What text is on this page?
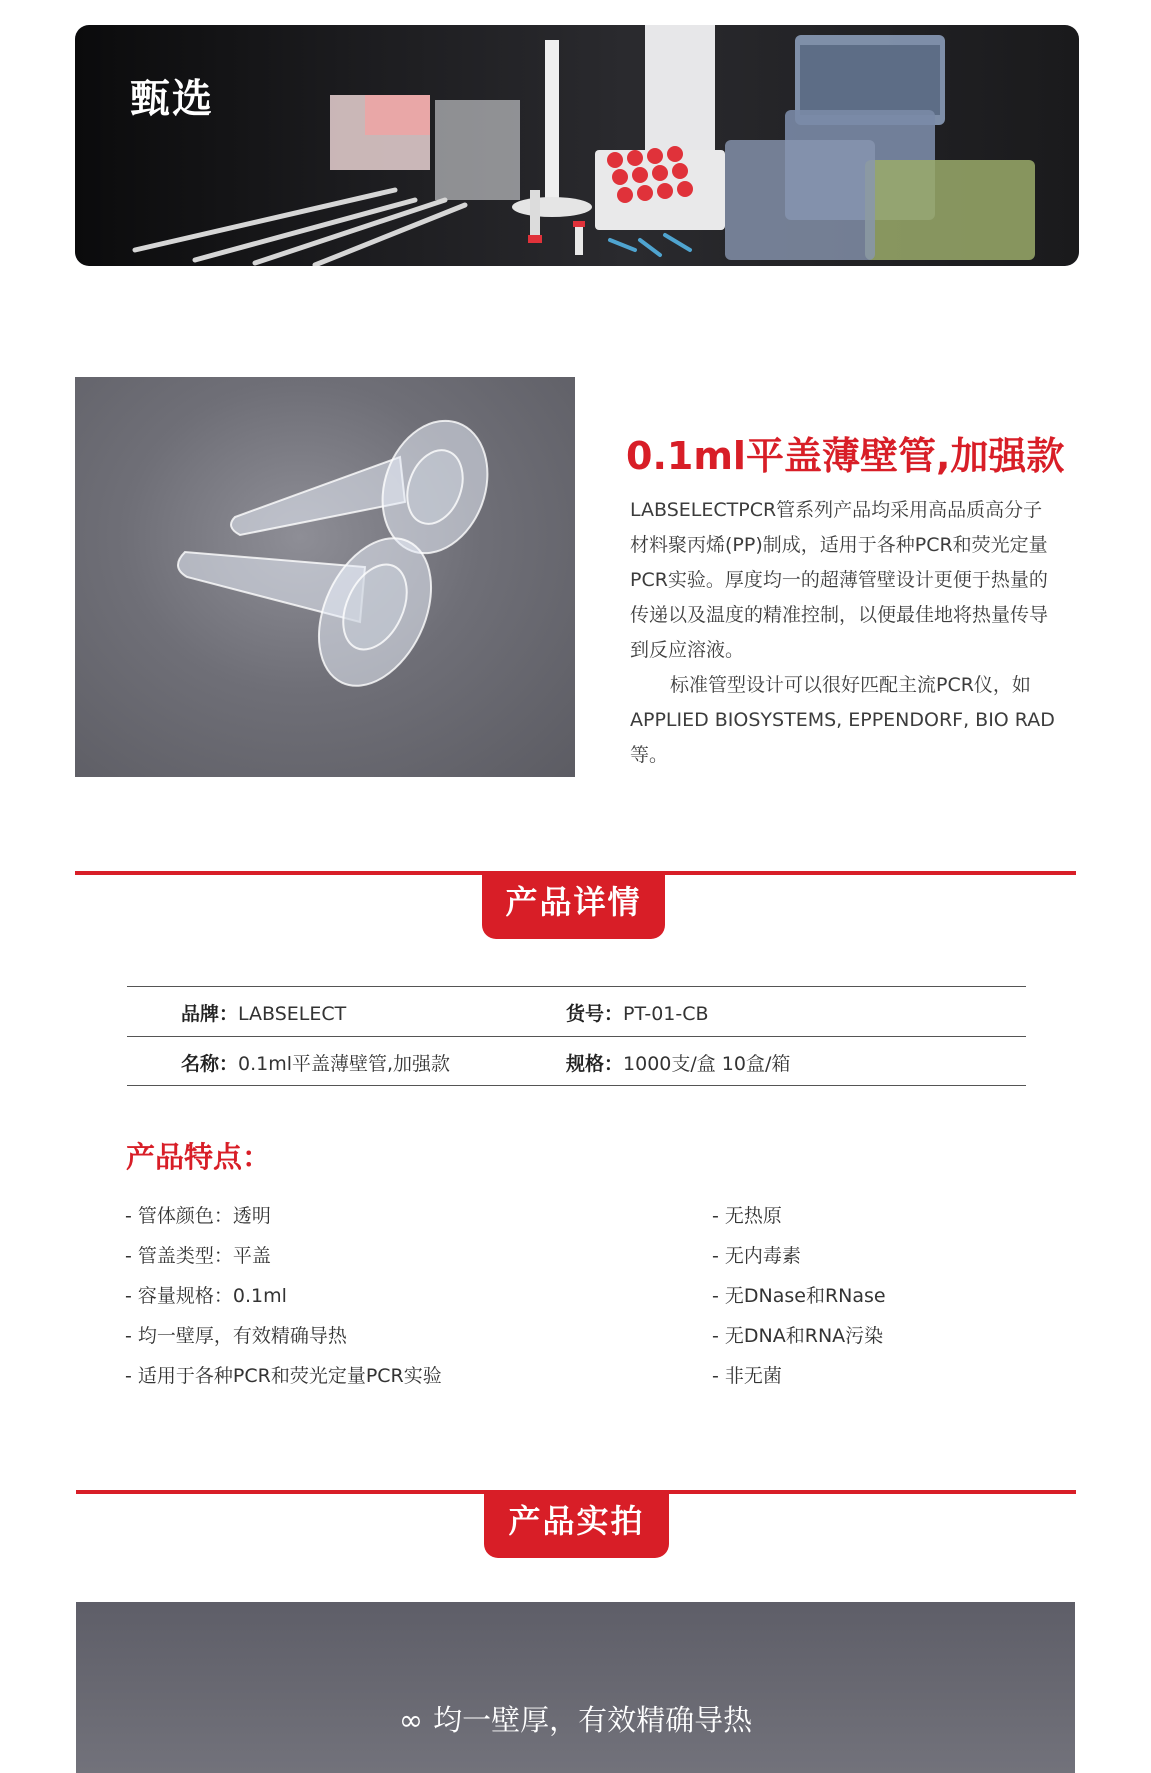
甄选
0.1ml平盖薄壁管,加强款

LABSELECTPCR管系列产品均采用高品质高分子材料聚丙烯(PP)制成，适用于各种PCR和荧光定量PCR实验。厚度均一的超薄管壁设计更便于热量的传递以及温度的精准控制，以便最佳地将热量传导到反应溶液。

标准管型设计可以很好匹配主流PCR仪，如APPLIED BIOSYSTEMS, EPPENDORF, BIO RAD等。

产品详情
品牌：LABSELECT	货号：PT-01-CB
名称：0.1ml平盖薄壁管,加强款	规格：1000支/盒 10盒/箱
产品特点：
- 管体颜色：透明
- 管盖类型：平盖
- 容量规格：0.1ml
- 均一壁厚，有效精确导热
- 适用于各种PCR和荧光定量PCR实验
- 无热原
- 无内毒素
- 无DNase和RNase
- 无DNA和RNA污染
- 非无菌
产品实拍
∞ 均一壁厚，有效精确导热
